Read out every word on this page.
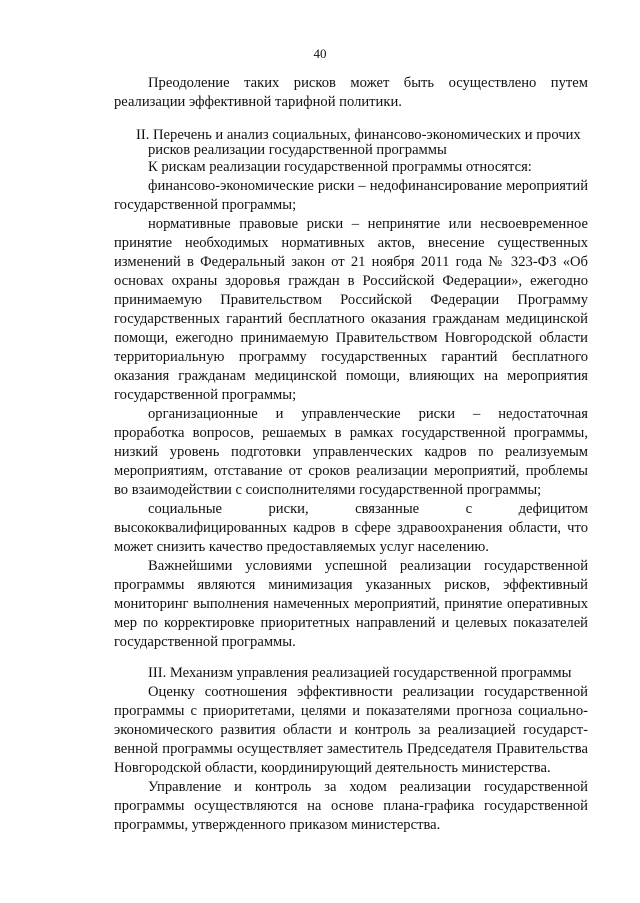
40

Преодоление таких рисков может быть осуществлено путем реализации эффективной тарифной политики.

II. Перечень и анализ социальных, финансово-экономических и прочих
рисков реализации государственной программы

К рискам реализации государственной программы относятся:

финансово-экономические риски – недофинансирование мероприятий государственной программы;

нормативные правовые риски – непринятие или несвоевременное принятие необходимых нормативных актов, внесение существенных изменений в Федеральный закон от 21 ноября 2011 года № 323-ФЗ «Об основах охраны здоровья граждан в Российской Федерации», ежегодно принимаемую Правительством Российской Федерации Программу государственных гарантий бесплатного оказания гражданам медицинской помощи, ежегодно принимаемую Правительством Новгородской области территориальную программу государственных гарантий бесплатного оказания гражданам медицинской помощи, влияющих на мероприятия государственной программы;

организационные и управленческие риски – недостаточная проработка вопросов, решаемых в рамках государственной программы, низкий уровень подготовки управленческих кадров по реализуемым мероприятиям, отставание от сроков реализации мероприятий, проблемы во взаимодействии с соисполнителями государственной программы;

социальные риски, связанные с дефицитом высококвалифицированных кадров в сфере здравоохранения области, что может снизить качество предоставляемых услуг населению.

Важнейшими условиями успешной реализации государственной программы являются минимизация указанных рисков, эффективный мониторинг выполнения намеченных мероприятий, принятие оперативных мер по корректировке приоритетных направлений и целевых показателей государственной программы.

III. Механизм управления реализацией государственной программы

Оценку соотношения эффективности реализации государственной программы с приоритетами, целями и показателями прогноза социально-экономического развития области и контроль за реализацией государст-венной программы осуществляет заместитель Председателя Правительства Новгородской области, координирующий деятельность министерства.

Управление и контроль за ходом реализации государственной программы осуществляются на основе плана-графика государственной программы, утвержденного приказом министерства.
